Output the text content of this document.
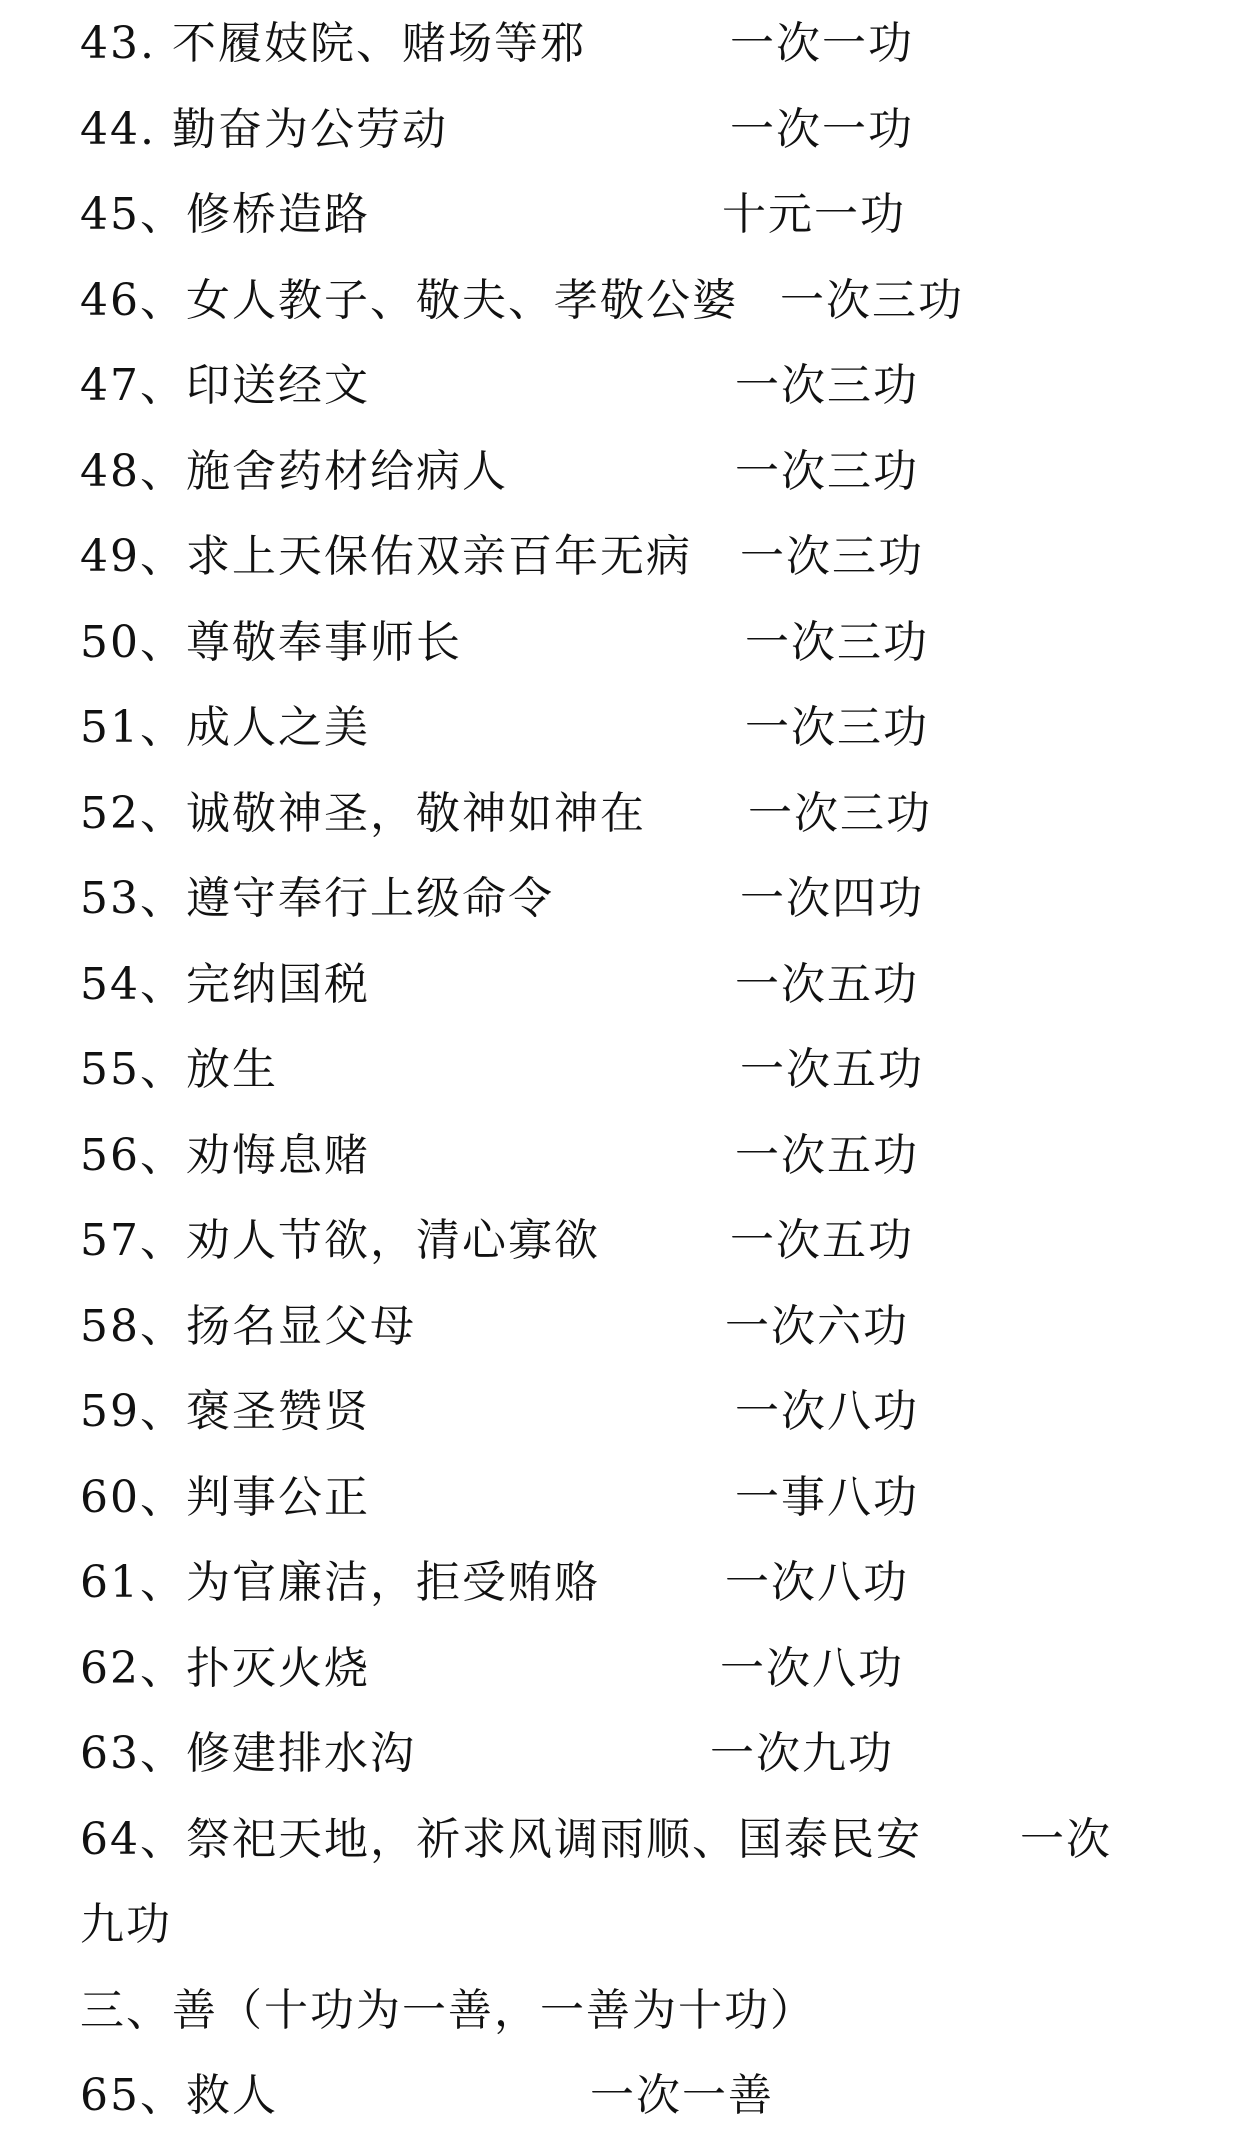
43. 不履妓院、赌场等邪	一次一功
44. 勤奋为公劳动	一次一功
45、修桥造路	十元一功
46、女人教子、敬夫、孝敬公婆 一次三功
47、印送经文	一次三功
48、施舍药材给病人	一次三功
49、求上天保佑双亲百年无病 一次三功
50、尊敬奉事师长	一次三功
51、成人之美	一次三功
52、诚敬神圣，敬神如神在 一次三功
53、遵守奉行上级命令	一次四功
54、完纳国税	一次五功
55、放生	一次五功
56、劝悔息赌	一次五功
57、劝人节欲，清心寡欲	一次五功
58、扬名显父母	一次六功
59、褒圣赞贤	一次八功
60、判事公正	一事八功
61、为官廉洁，拒受贿赂	一次八功
62、扑灭火烧	一次八功
63、修建排水沟	一次九功
64、祭祀天地，祈求风调雨顺、国泰民安 一次
九功
三、善（十功为一善，一善为十功）
65、救人	一次一善
